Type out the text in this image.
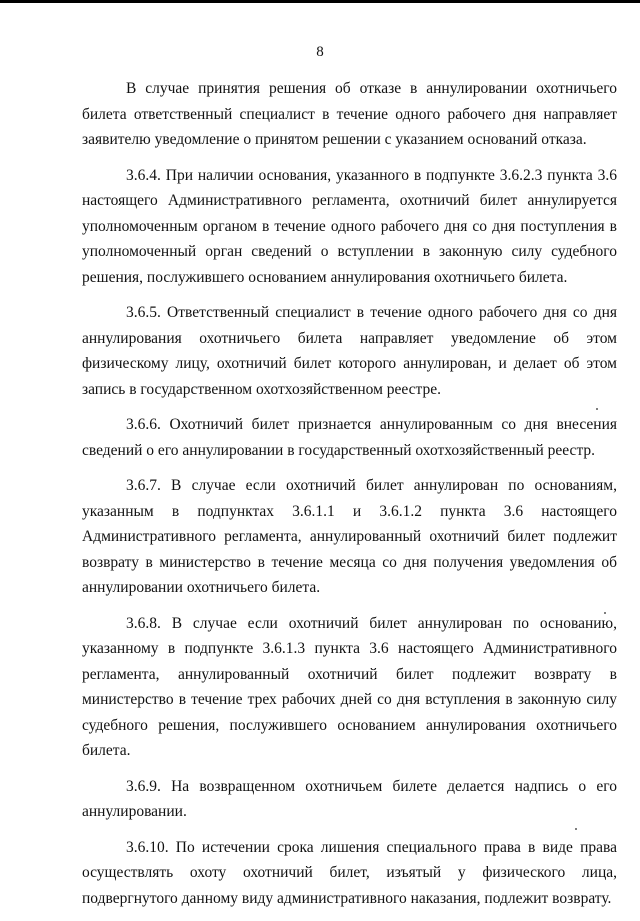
8

В случае принятия решения об отказе в аннулировании охотничьего билета ответственный специалист в течение одного рабочего дня направляет заявителю уведомление о принятом решении с указанием оснований отказа.

3.6.4. При наличии основания, указанного в подпункте 3.6.2.3 пункта 3.6 настоящего Административного регламента, охотничий билет аннулируется уполномоченным органом в течение одного рабочего дня со дня поступления в уполномоченный орган сведений о вступлении в законную силу судебного решения, послужившего основанием аннулирования охотничьего билета.

3.6.5. Ответственный специалист в течение одного рабочего дня со дня аннулирования охотничьего билета направляет уведомление об этом физическому лицу, охотничий билет которого аннулирован, и делает об этом запись в государственном охотхозяйственном реестре.

3.6.6. Охотничий билет признается аннулированным со дня внесения сведений о его аннулировании в государственный охотхозяйственный реестр.

3.6.7. В случае если охотничий билет аннулирован по основаниям, указанным в подпунктах 3.6.1.1 и 3.6.1.2 пункта 3.6 настоящего Административного регламента, аннулированный охотничий билет подлежит возврату в министерство в течение месяца со дня получения уведомления об аннулировании охотничьего билета.

3.6.8. В случае если охотничий билет аннулирован по основанию, указанному в подпункте 3.6.1.3 пункта 3.6 настоящего Административного регламента, аннулированный охотничий билет подлежит возврату в министерство в течение трех рабочих дней со дня вступления в законную силу судебного решения, послужившего основанием аннулирования охотничьего билета.

3.6.9. На возвращенном охотничьем билете делается надпись о его аннулировании.

3.6.10. По истечении срока лишения специального права в виде права осуществлять охоту охотничий билет, изъятый у физического лица, подвергнутого данному виду административного наказания, подлежит возврату.
